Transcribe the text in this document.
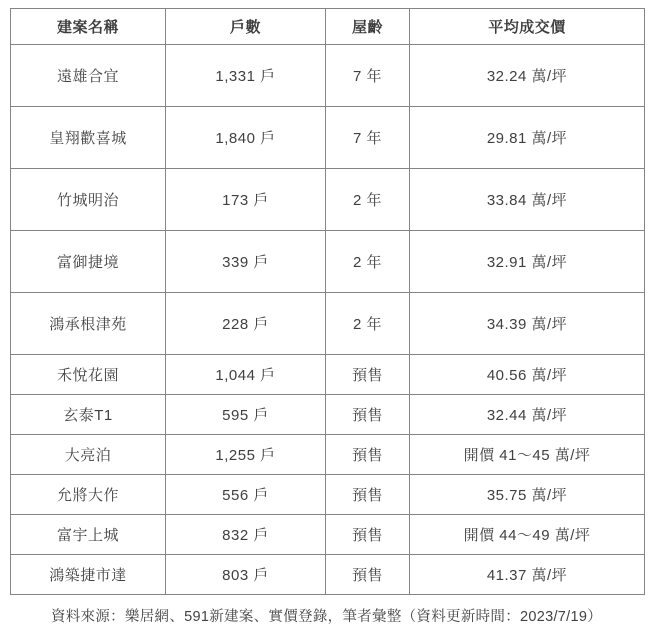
建案名稱	戶數	屋齡	平均成交價
遠雄合宜	1,331 戶	7 年	32.24 萬/坪
皇翔歡喜城	1,840 戶	7 年	29.81 萬/坪
竹城明治	173 戶	2 年	33.84 萬/坪
富御捷境	339 戶	2 年	32.91 萬/坪
鴻承根津苑	228 戶	2 年	34.39 萬/坪
禾悅花園	1,044 戶	預售	40.56 萬/坪
玄泰T1	595 戶	預售	32.44 萬/坪
大亮泊	1,255 戶	預售	開價 41～45 萬/坪
允將大作	556 戶	預售	35.75 萬/坪
富宇上城	832 戶	預售	開價 44～49 萬/坪
鴻築捷市達	803 戶	預售	41.37 萬/坪
資料來源：樂居網、591新建案、實價登錄，筆者彙整（資料更新時間：2023/7/19）
